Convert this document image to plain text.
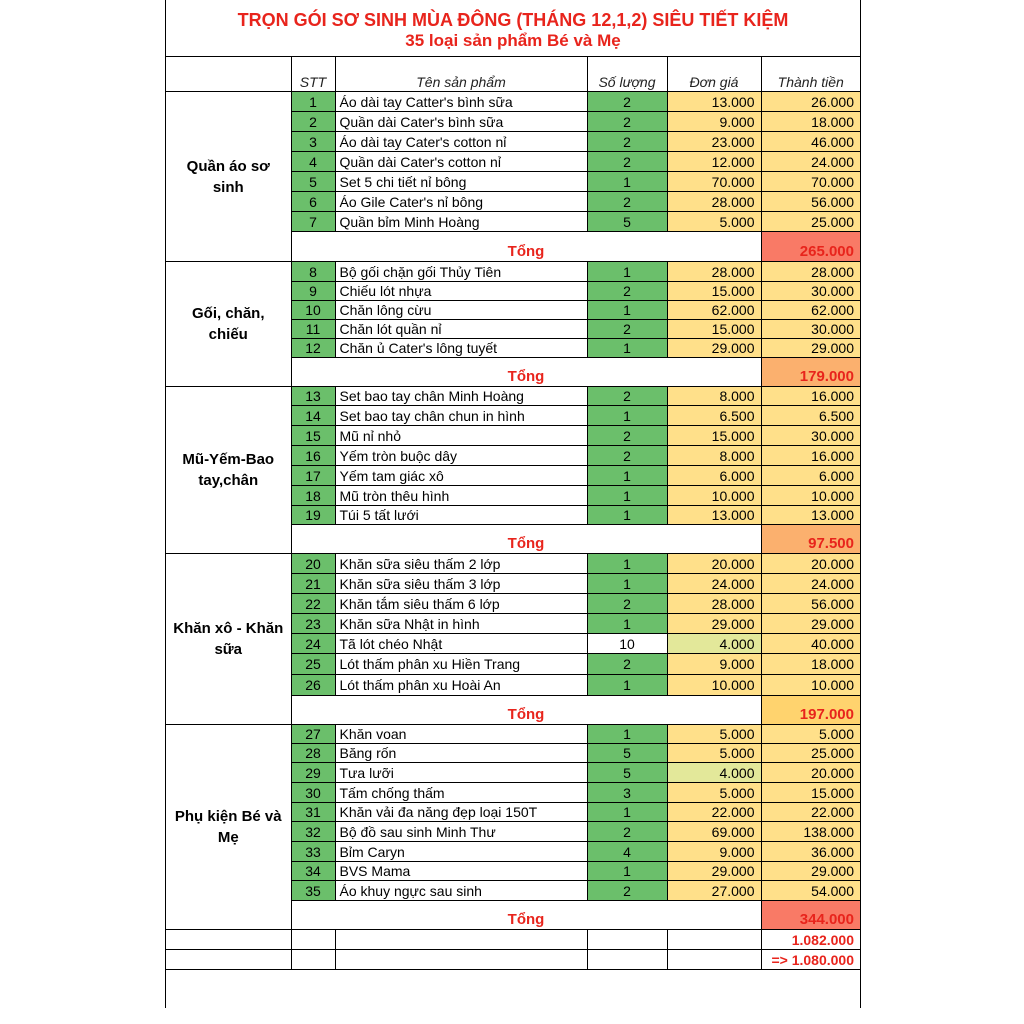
TRỌN GÓI SƠ SINH MÙA ĐÔNG (THÁNG 12,1,2) SIÊU TIẾT KIỆM
35 loại sản phẩm Bé và Mẹ
	STT	Tên sản phẩm	Số lượng	Đơn giá	Thành tiền
Quần áo sơ sinh	1	Áo dài tay Catter's bình sữa	2	13.000	26.000
	2	Quần dài Cater's bình sữa	2	9.000	18.000
	3	Áo dài tay Cater's cotton nỉ	2	23.000	46.000
	4	Quần dài Cater's cotton nỉ	2	12.000	24.000
	5	Set 5 chi tiết nỉ bông	1	70.000	70.000
	6	Áo Gile Cater's nỉ bông	2	28.000	56.000
	7	Quần bỉm Minh Hoàng	5	5.000	25.000
	Tổng				265.000
Gối, chăn, chiếu	8	Bộ gối chặn gối Thủy Tiên	1	28.000	28.000
	9	Chiếu lót nhựa	2	15.000	30.000
	10	Chăn lông cừu	1	62.000	62.000
	11	Chăn lót quần nỉ	2	15.000	30.000
	12	Chăn ủ Cater's lông tuyết	1	29.000	29.000
	Tổng				179.000
Mũ-Yếm-Bao tay,chân	13	Set bao tay chân Minh Hoàng	2	8.000	16.000
	14	Set bao tay chân chun in hình	1	6.500	6.500
	15	Mũ nỉ nhỏ	2	15.000	30.000
	16	Yếm tròn buộc dây	2	8.000	16.000
	17	Yếm tam giác xô	1	6.000	6.000
	18	Mũ tròn thêu hình	1	10.000	10.000
	19	Túi 5 tất lưới	1	13.000	13.000
	Tổng				97.500
Khăn xô - Khăn sữa	20	Khăn sữa siêu thấm 2 lớp	1	20.000	20.000
	21	Khăn sữa siêu thấm 3 lớp	1	24.000	24.000
	22	Khăn tắm siêu thấm 6 lớp	2	28.000	56.000
	23	Khăn sữa Nhật in hình	1	29.000	29.000
	24	Tã lót chéo Nhật	10	4.000	40.000
	25	Lót thấm phân xu Hiền Trang	2	9.000	18.000
	26	Lót thấm phân xu Hoài An	1	10.000	10.000
	Tổng				197.000
Phụ kiện Bé và Mẹ	27	Khăn voan	1	5.000	5.000
	28	Băng rốn	5	5.000	25.000
	29	Tưa lưỡi	5	4.000	20.000
	30	Tấm chống thấm	3	5.000	15.000
	31	Khăn vải đa năng đẹp loại 150T	1	22.000	22.000
	32	Bộ đồ sau sinh Minh Thư	2	69.000	138.000
	33	Bỉm Caryn	4	9.000	36.000
	34	BVS Mama	1	29.000	29.000
	35	Áo khuy ngực sau sinh	2	27.000	54.000
	Tổng				344.000
					1.082.000
					=> 1.080.000
